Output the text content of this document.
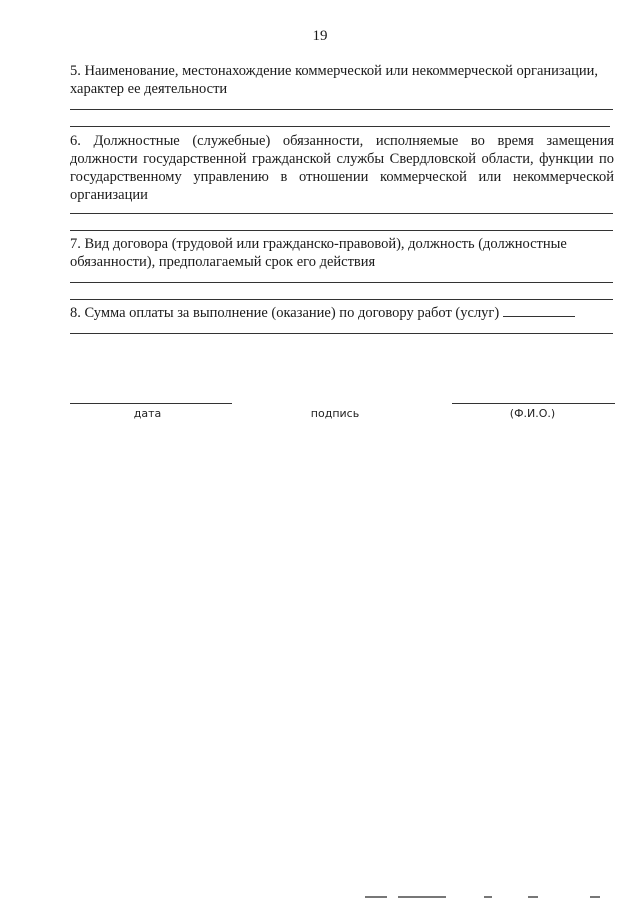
19

5. Наименование, местонахождение коммерческой или некоммерческой организации, характер ее деятельности

6. Должностные (служебные) обязанности, исполняемые во время замещения должности государственной гражданской службы Свердловской области, функции по государственному управлению в отношении коммерческой или некоммерческой организации

7. Вид договора (трудовой или гражданско-правовой), должность (должностные обязанности), предполагаемый срок его действия

8. Сумма оплаты за выполнение (оказание) по договору работ (услуг)

дата	подпись	(Ф.И.О.)
